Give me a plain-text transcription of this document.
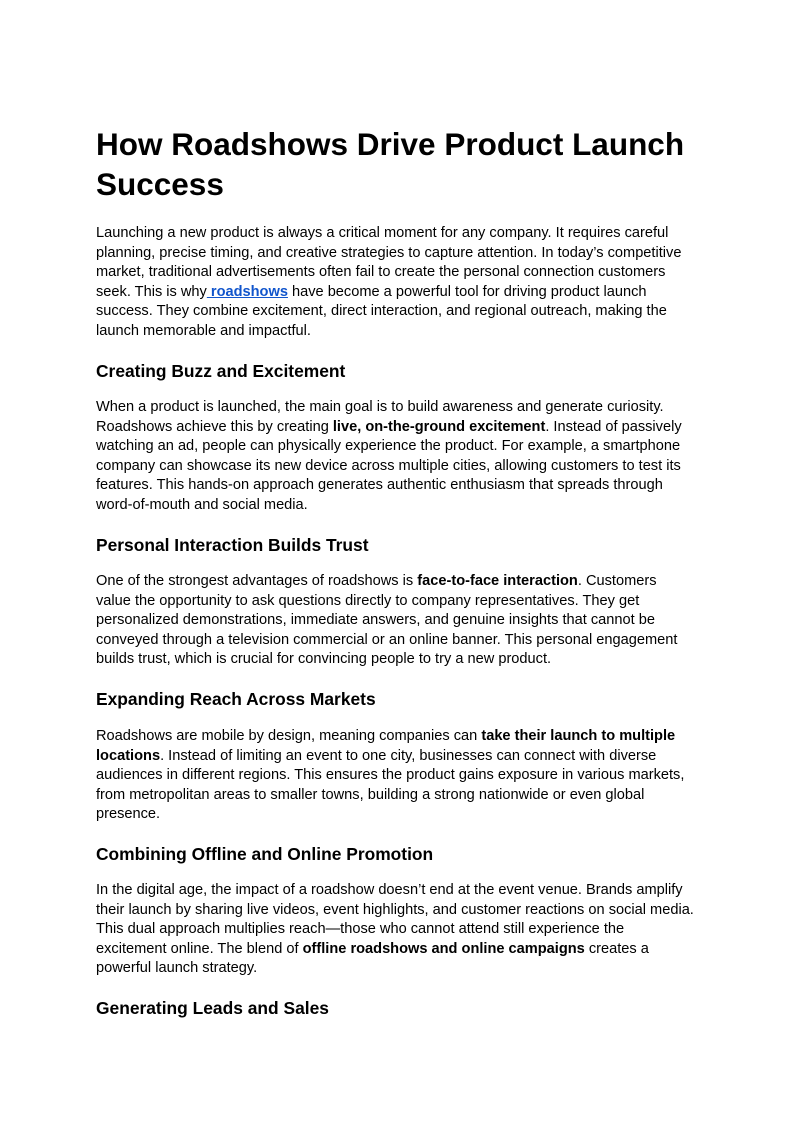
How Roadshows Drive Product Launch
Success

Launching a new product is always a critical moment for any company. It requires careful
planning, precise timing, and creative strategies to capture attention. In today’s competitive
market, traditional advertisements often fail to create the personal connection customers
seek. This is why roadshows have become a powerful tool for driving product launch
success. They combine excitement, direct interaction, and regional outreach, making the
launch memorable and impactful.

Creating Buzz and Excitement

When a product is launched, the main goal is to build awareness and generate curiosity.
Roadshows achieve this by creating live, on-the-ground excitement. Instead of passively
watching an ad, people can physically experience the product. For example, a smartphone
company can showcase its new device across multiple cities, allowing customers to test its
features. This hands-on approach generates authentic enthusiasm that spreads through
word-of-mouth and social media.

Personal Interaction Builds Trust

One of the strongest advantages of roadshows is face-to-face interaction. Customers
value the opportunity to ask questions directly to company representatives. They get
personalized demonstrations, immediate answers, and genuine insights that cannot be
conveyed through a television commercial or an online banner. This personal engagement
builds trust, which is crucial for convincing people to try a new product.

Expanding Reach Across Markets

Roadshows are mobile by design, meaning companies can take their launch to multiple
locations. Instead of limiting an event to one city, businesses can connect with diverse
audiences in different regions. This ensures the product gains exposure in various markets,
from metropolitan areas to smaller towns, building a strong nationwide or even global
presence.

Combining Offline and Online Promotion

In the digital age, the impact of a roadshow doesn’t end at the event venue. Brands amplify
their launch by sharing live videos, event highlights, and customer reactions on social media.
This dual approach multiplies reach—those who cannot attend still experience the
excitement online. The blend of offline roadshows and online campaigns creates a
powerful launch strategy.

Generating Leads and Sales
